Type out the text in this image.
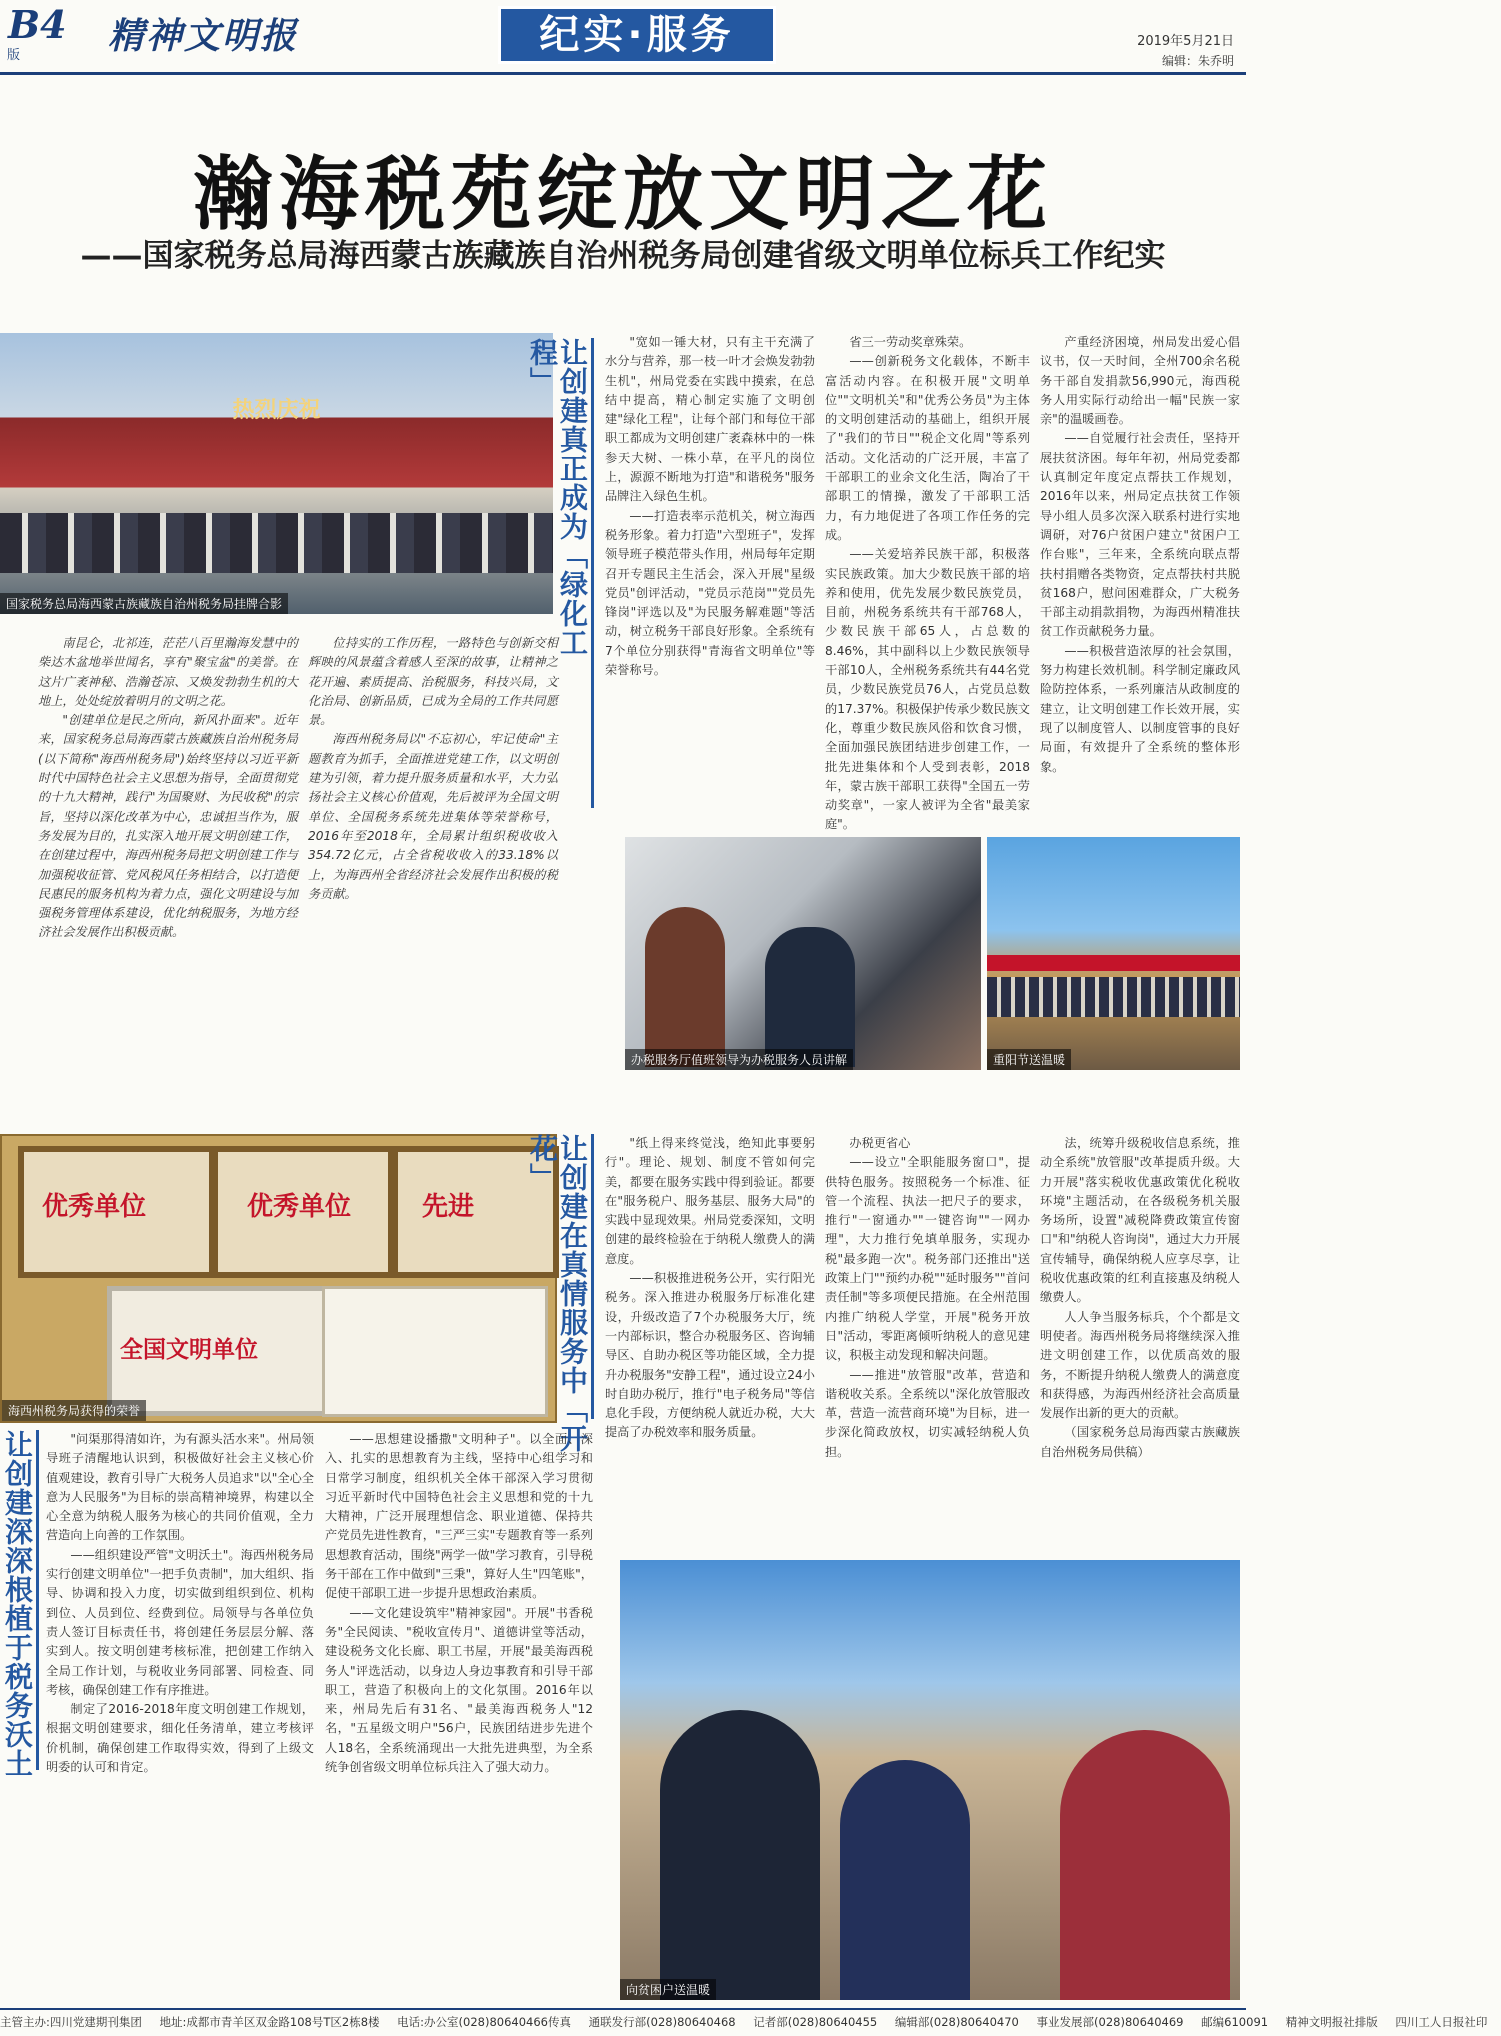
B4
版 精神文明报	纪实·服务	2019年5月21日
编辑：朱乔明
瀚海税苑绽放文明之花
——国家税务总局海西蒙古族藏族自治州税务局创建省级文明单位标兵工作纪实
热烈庆祝
国家税务总局海西蒙古族藏族自治州税务局挂牌合影	让创建真正成为「绿化工程」

南昆仑，北祁连，茫茫八百里瀚海发慧中的柴达木盆地举世闻名，享有"聚宝盆"的美誉。在这片广袤神秘、浩瀚苍凉、又焕发勃勃生机的大地上，处处绽放着明月的文明之花。

"创建单位是民之所向，新风扑面来"。近年来，国家税务总局海西蒙古族藏族自治州税务局(以下简称"海西州税务局")始终坚持以习近平新时代中国特色社会主义思想为指导，全面贯彻党的十九大精神，践行"为国聚财、为民收税"的宗旨，坚持以深化改革为中心，忠诚担当作为，服务发展为目的，扎实深入地开展文明创建工作，在创建过程中，海西州税务局把文明创建工作与加强税收征管、党风税风任务相结合，以打造便民惠民的服务机构为着力点，强化文明建设与加强税务管理体系建设，优化纳税服务，为地方经济社会发展作出积极贡献。

位持实的工作历程，一路特色与创新交相辉映的风景蕴含着感人至深的故事，让精神之花开遍、素质提高、治税服务，科技兴局，文化治局、创新品质，已成为全局的工作共同愿景。

海西州税务局以"不忘初心，牢记使命"主题教育为抓手，全面推进党建工作，以文明创建为引领，着力提升服务质量和水平，大力弘扬社会主义核心价值观，先后被评为全国文明单位、全国税务系统先进集体等荣誉称号，2016年至2018年，全局累计组织税收收入354.72亿元，占全省税收收入的33.18%以上，为海西州全省经济社会发展作出积极的税务贡献。

"宽如一锤大材，只有主干充满了水分与营养，那一枝一叶才会焕发勃勃生机"，州局党委在实践中摸索，在总结中提高，精心制定实施了文明创建"绿化工程"，让每个部门和每位干部职工都成为文明创建广袤森林中的一株参天大树、一株小草，在平凡的岗位上，源源不断地为打造"和谐税务"服务品牌注入绿色生机。

——打造表率示范机关，树立海西税务形象。着力打造"六型班子"，发挥领导班子模范带头作用，州局每年定期召开专题民主生活会，深入开展"星级党员"创评活动，"党员示范岗""党员先锋岗"评选以及"为民服务解难题"等活动，树立税务干部良好形象。全系统有7个单位分别获得"青海省文明单位"等荣誉称号。

省三一劳动奖章殊荣。

——创新税务文化载体，不断丰富活动内容。在积极开展"文明单位""文明机关"和"优秀公务员"为主体的文明创建活动的基础上，组织开展了"我们的节日""税企文化周"等系列活动。文化活动的广泛开展，丰富了干部职工的业余文化生活，陶冶了干部职工的情操，激发了干部职工活力，有力地促进了各项工作任务的完成。

——关爱培养民族干部，积极落实民族政策。加大少数民族干部的培养和使用，优先发展少数民族党员，目前，州税务系统共有干部768人，少数民族干部65人，占总数的8.46%，其中副科以上少数民族领导干部10人，全州税务系统共有44名党员，少数民族党员76人，占党员总数的17.37%。积极保护传承少数民族文化，尊重少数民族风俗和饮食习惯，全面加强民族团结进步创建工作，一批先进集体和个人受到表彰，2018年，蒙古族干部职工获得"全国五一劳动奖章"，一家人被评为全省"最美家庭"。

产重经济困境，州局发出爱心倡议书，仅一天时间，全州700余名税务干部自发捐款56,990元，海西税务人用实际行动给出一幅"民族一家亲"的温暖画卷。

——自觉履行社会责任，坚持开展扶贫济困。每年年初，州局党委都认真制定年度定点帮扶工作规划，2016年以来，州局定点扶贫工作领导小组人员多次深入联系村进行实地调研，对76户贫困户建立"贫困户工作台账"，三年来，全系统向联点帮扶村捐赠各类物资，定点帮扶村共脱贫168户，慰问困难群众，广大税务干部主动捐款捐物，为海西州精准扶贫工作贡献税务力量。

——积极营造浓厚的社会氛围，努力构建长效机制。科学制定廉政风险防控体系，一系列廉洁从政制度的建立，让文明创建工作长效开展，实现了以制度管人、以制度管事的良好局面，有效提升了全系统的整体形象。

办税服务厅值班领导为办税服务人员讲解	重阳节送温暖
优秀单位	优秀单位	先进
全国文明单位
海西州税务局获得的荣誉	让创建在真情服务中「开花」	"纸上得来终觉浅，绝知此事要躬行"。理论、规划、制度不管如何完美，都要在服务实践中得到验证。都要在"服务税户、服务基层、服务大局"的实践中显现效果。州局党委深知，文明创建的最终检验在于纳税人缴费人的满意度。

——积极推进税务公开，实行阳光税务。深入推进办税服务厅标准化建设，升级改造了7个办税服务大厅，统一内部标识，整合办税服务区、咨询辅导区、自助办税区等功能区域，全力提升办税服务"安静工程"，通过设立24小时自助办税厅，推行"电子税务局"等信息化手段，方便纳税人就近办税，大大提高了办税效率和服务质量。

办税更省心

——设立"全职能服务窗口"，提供特色服务。按照税务一个标准、征管一个流程、执法一把尺子的要求，推行"一窗通办""一键咨询""一网办理"，大力推行免填单服务，实现办税"最多跑一次"。税务部门还推出"送政策上门""预约办税""延时服务""首问责任制"等多项便民措施。在全州范围内推广纳税人学堂，开展"税务开放日"活动，零距离倾听纳税人的意见建议，积极主动发现和解决问题。

——推进"放管服"改革，营造和谐税收关系。全系统以"深化放管服改革，营造一流营商环境"为目标，进一步深化简政放权，切实减轻纳税人负担。

法，统筹升级税收信息系统，推动全系统"放管服"改革提质升级。大力开展"落实税收优惠政策优化税收环境"主题活动，在各级税务机关服务场所，设置"减税降费政策宣传窗口"和"纳税人咨询岗"，通过大力开展宣传辅导，确保纳税人应享尽享，让税收优惠政策的红利直接惠及纳税人缴费人。

人人争当服务标兵，个个都是文明使者。海西州税务局将继续深入推进文明创建工作，以优质高效的服务，不断提升纳税人缴费人的满意度和获得感，为海西州经济社会高质量发展作出新的更大的贡献。

（国家税务总局海西蒙古族藏族自治州税务局供稿）

让创建深深根植于税务沃土	"问渠那得清如许，为有源头活水来"。州局领导班子清醒地认识到，积极做好社会主义核心价值观建设，教育引导广大税务人员追求"以"全心全意为人民服务"为目标的崇高精神境界，构建以全心全意为纳税人服务为核心的共同价值观，全力营造向上向善的工作氛围。

——组织建设严管"文明沃土"。海西州税务局实行创建文明单位"一把手负责制"，加大组织、指导、协调和投入力度，切实做到组织到位、机构到位、人员到位、经费到位。局领导与各单位负责人签订目标责任书，将创建任务层层分解、落实到人。按文明创建考核标准，把创建工作纳入全局工作计划，与税收业务同部署、同检查、同考核，确保创建工作有序推进。

制定了2016-2018年度文明创建工作规划，根据文明创建要求，细化任务清单，建立考核评价机制，确保创建工作取得实效，得到了上级文明委的认可和肯定。

——思想建设播撒"文明种子"。以全面、深入、扎实的思想教育为主线，坚持中心组学习和日常学习制度，组织机关全体干部深入学习贯彻习近平新时代中国特色社会主义思想和党的十九大精神，广泛开展理想信念、职业道德、保持共产党员先进性教育，"三严三实"专题教育等一系列思想教育活动，围绕"两学一做"学习教育，引导税务干部在工作中做到"三秉"，算好人生"四笔账"，促使干部职工进一步提升思想政治素质。

——文化建设筑牢"精神家园"。开展"书香税务"全民阅读、"税收宣传月"、道德讲堂等活动，建设税务文化长廊、职工书屋，开展"最美海西税务人"评选活动，以身边人身边事教育和引导干部职工，营造了积极向上的文化氛围。2016年以来，州局先后有31名、"最美海西税务人"12名，"五星级文明户"56户，民族团结进步先进个人18名，全系统涌现出一大批先进典型，为全系统争创省级文明单位标兵注入了强大动力。

向贫困户送温暖
主管主办:四川党建期刊集团 地址:成都市青羊区双金路108号T区2栋8楼 电话:办公室(028)80640466传真 通联发行部(028)80640468 记者部(028)80640455 编辑部(028)80640470 事业发展部(028)80640469 邮编610091 精神文明报社排版 四川工人日报社印
